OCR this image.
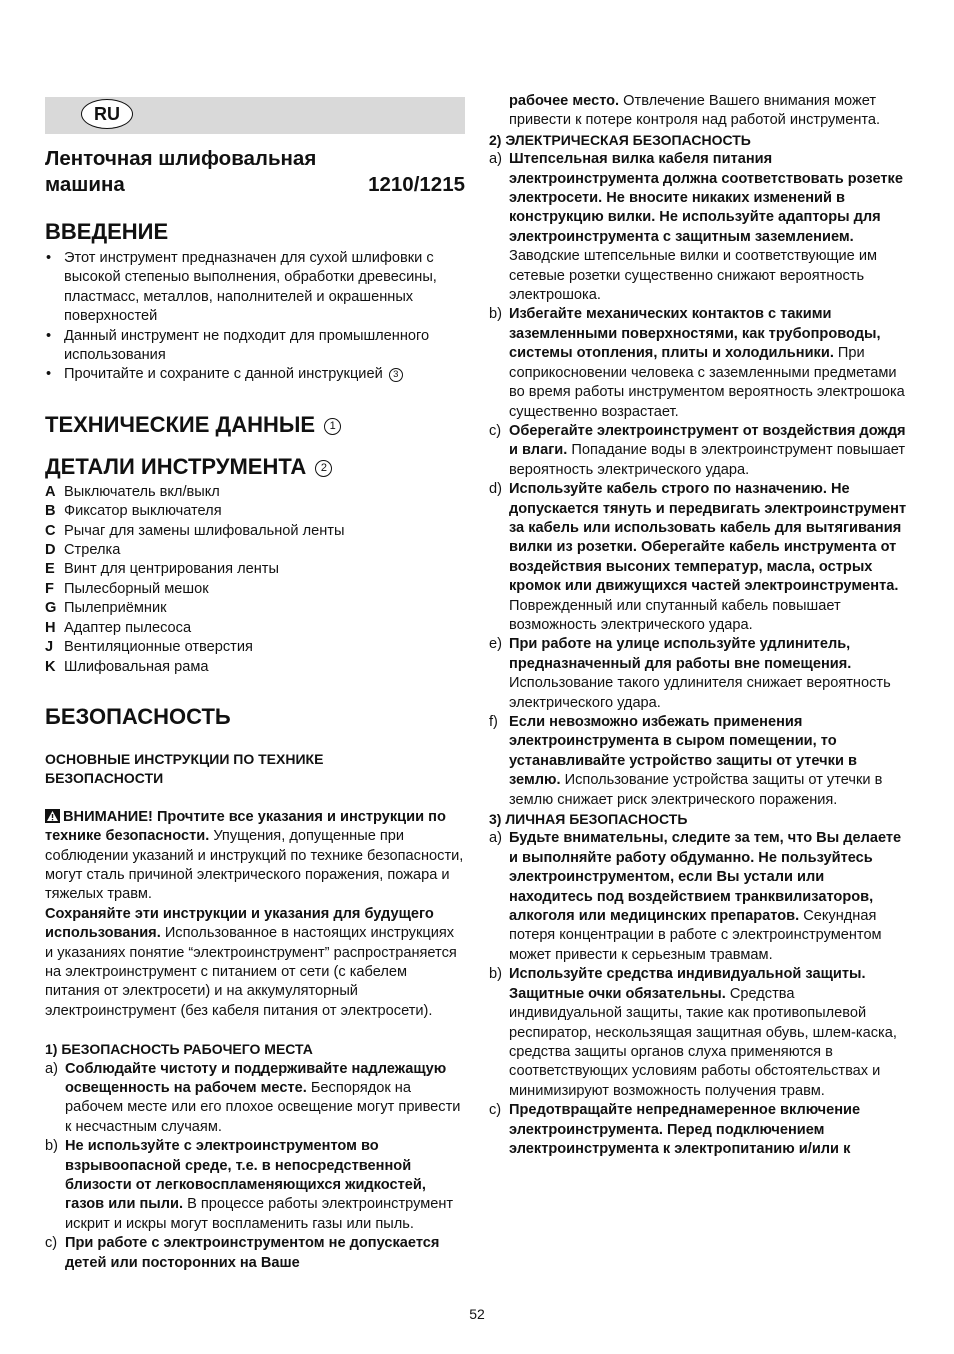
RU
Ленточная шлифовальная
машина	1210/1215
ВВЕДЕНИЕ
• Этот инструмент предназначен для сухой шлифовки с высокой степеныо выполнения, обработки древесины, пластмасс, металлов, наполнителей и окрашенных поверхностей
• Данный инструмент не подходит для промышленного использования
• Прочитайте и сохраните с данной инструкцией 3
ТЕХНИЧЕСКИЕ ДАННЫЕ 1
ДЕТАЛИ ИНСТРУМЕНТА 2
A Выключатель вкл/выкл
B Фиксатор выключателя
C Рычаг для замены шлифовальной ленты
D Стрелка
E Винт для центрирования ленты
F Пылесборный мешок
G Пылеприёмник
H Адаптер пылесоса
J Вентиляционные отверстия
K Шлифовальная рама
БЕЗОПАСНОСТЬ
ОСНОВНЫЕ ИНСТРУКЦИИ ПО ТЕХНИКЕ
БЕЗОПАСНОСТИ
ВНИМАНИЕ! Прочтите все указания и инструкции по технике безопасности. Упущения, допущенные при соблюдении указаний и инструкций по технике безопасности, могут сталь причиной электрического поражения, пожара и тяжелых травм.
Сохраняйте эти инструкции и указания для будущего использования. Использованное в настоящих инструкциях и указаниях понятие “электроинструмент” распространяется на электроинструмент с питанием от сети (с кабелем питания от электросети) и на аккумуляторный электроинструмент (без кабеля питания от электросети).
1) БЕЗОПАСНОСТЬ РАБОЧЕГО МЕСТА
a) Соблюдайте чистоту и поддерживайте надлежащую освещенность на рабочем месте. Беспорядок на рабочем месте или его плохое освещение могут привести к несчастным случаям.
b) Не используйте с электроинструментом во взрывоопасной среде, т.е. в непосредственной близости от легковоспламеняющихся жидкостей, газов или пыли. В процессе работы электроинструмент искрит и искры могут воспламенить газы или пыль.
c) При работе с электроинструментом не допускается детей или посторонних на Ваше
рабочее место. Отвлечение Вашего внимания может привести к потере контроля над работой инструмента.
2) ЭЛЕКТРИЧЕСКАЯ БЕЗОПАСНОСТЬ
a) Штепсельная вилка кабеля питания электроинструмента должна соответствовать розетке электросети. Не вносите никаких изменений в конструкцию вилки. Не используйте адапторы для электроинструмента с защитным заземлением. Заводские штепсельные вилки и соответствующие им сетевые розетки существенно снижают вероятность электрошока.
b) Избегайте механических контактов с такими заземленными поверхностями, как трубопроводы, системы отопления, плиты и холодильники. При соприкосновении человека с заземленными предметами во время работы инструментом вероятность электрошока существенно возрастает.
c) Оберегайте электроинструмент от воздействия дождя и влаги. Попадание воды в электроинструмент повышает вероятность электрического удара.
d) Используйте кабель строго по назначению. Не допускается тянуть и передвигать электроинструмент за кабель или использовать кабель для вытягивания вилки из розетки. Оберегайте кабель инструмента от воздействия высоних температур, масла, острых кромок или движущихся частей электроинструмента. Поврежденный или спутанный кабель повышает возможность электрического удара.
e) При работе на улице используйте удлинитель, предназначенный для работы вне помещения. Использование такого удлинителя снижает вероятность электрического удара.
f) Если невозможно избежать применения электроинструмента в сыром помещении, то устанавливайте устройство защиты от утечки в землю. Использование устройства защиты от утечки в землю снижает риск электрического поражения.
3) ЛИЧНАЯ БЕЗОПАСНОСТЬ
a) Будьте внимательны, следите за тем, что Вы делаете и выполняйте работу обдуманно. Не пользуйтесь электроинструментом, если Вы устали или находитесь под воздействием транквилизаторов, алкоголя или медицинских препаратов. Секундная потеря концентрации в работе с электроинструментом может привести к серьезным травмам.
b) Используйте средства индивидуальной защиты. Защитные очки обязательны. Средства индивидуальной защиты, такие как противопылевой респиратор, нескользящая защитная обувь, шлем-каска, средства защиты органов слуха применяются в соответствующих условиям работы обстоятельствах и минимизируют возможность получения травм.
c) Предотвращайте непреднамеренное включение электроинструмента. Перед подключением электроинструмента к электропитанию и/или к
52
